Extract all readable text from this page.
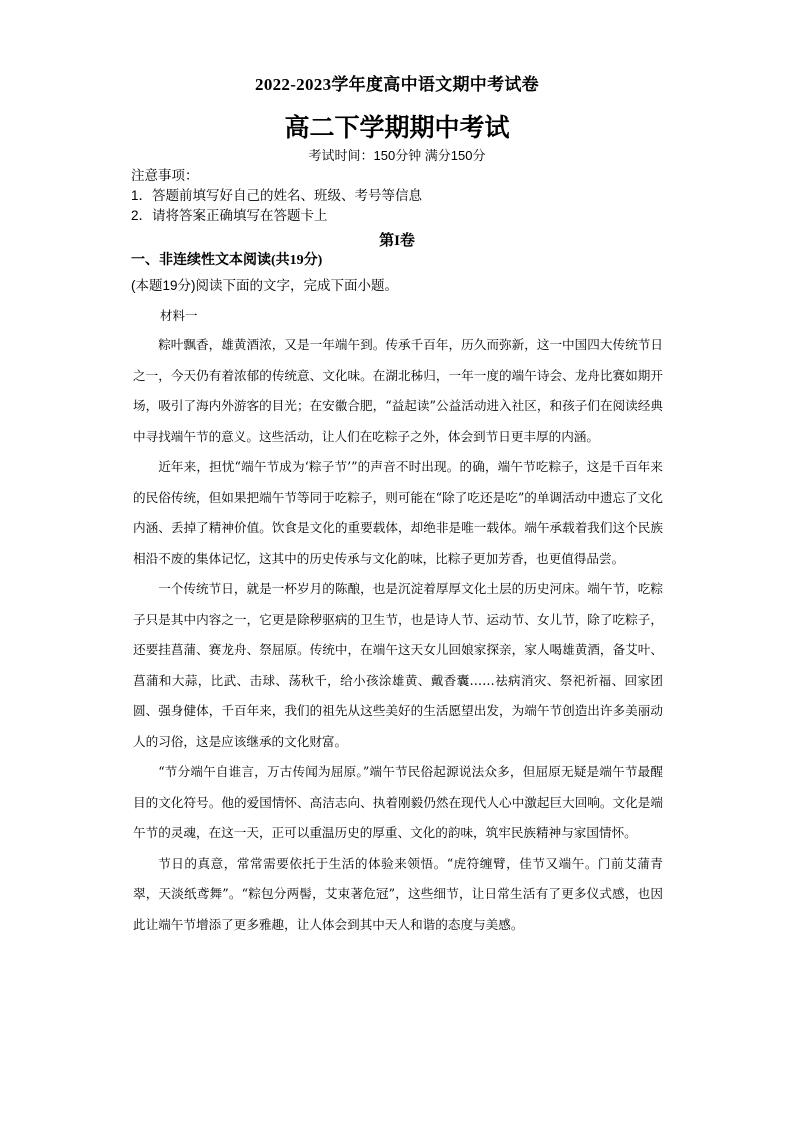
2022-2023学年度高中语文期中考试卷
高二下学期期中考试
考试时间：150分钟 满分150分
注意事项：
1．答题前填写好自己的姓名、班级、考号等信息
2．请将答案正确填写在答题卡上
第I卷
一、非连续性文本阅读(共19分)
(本题19分)阅读下面的文字，完成下面小题。
材料一

粽叶飘香，雄黄酒浓，又是一年端午到。传承千百年，历久而弥新，这一中国四大传统节日之一，今天仍有着浓郁的传统意、文化味。在湖北秭归，一年一度的端午诗会、龙舟比赛如期开场，吸引了海内外游客的目光；在安徽合肥，“益起读”公益活动进入社区，和孩子们在阅读经典中寻找端午节的意义。这些活动，让人们在吃粽子之外，体会到节日更丰厚的内涵。

近年来，担忧“端午节成为‘粽子节’”的声音不时出现。的确，端午节吃粽子，这是千百年来的民俗传统，但如果把端午节等同于吃粽子，则可能在“除了吃还是吃”的单调活动中遗忘了文化内涵、丢掉了精神价值。饮食是文化的重要载体，却绝非是唯一载体。端午承载着我们这个民族相沿不废的集体记忆，这其中的历史传承与文化韵味，比粽子更加芳香，也更值得品尝。

一个传统节日，就是一杯岁月的陈酿，也是沉淀着厚厚文化土层的历史河床。端午节，吃粽子只是其中内容之一，它更是除秽驱病的卫生节，也是诗人节、运动节、女儿节，除了吃粽子，还要挂菖蒲、赛龙舟、祭屈原。传统中，在端午这天女儿回娘家探亲，家人喝雄黄酒，备艾叶、菖蒲和大蒜，比武、击球、荡秋千，给小孩涂雄黄、戴香囊……祛病消灾、祭祀祈福、回家团圆、强身健体，千百年来，我们的祖先从这些美好的生活愿望出发，为端午节创造出许多美丽动人的习俗，这是应该继承的文化财富。

“节分端午自谁言，万古传闻为屈原。”端午节民俗起源说法众多，但屈原无疑是端午节最醒目的文化符号。他的爱国情怀、高洁志向、执着刚毅仍然在现代人心中激起巨大回响。文化是端午节的灵魂，在这一天，正可以重温历史的厚重、文化的韵味，筑牢民族精神与家国情怀。

节日的真意，常常需要依托于生活的体验来领悟。“虎符缠臂，佳节又端午。门前艾蒲青翠，天淡纸鸢舞”。“粽包分两髻，艾束著危冠”，这些细节，让日常生活有了更多仪式感，也因此让端午节增添了更多雅趣，让人体会到其中天人和谐的态度与美感。
